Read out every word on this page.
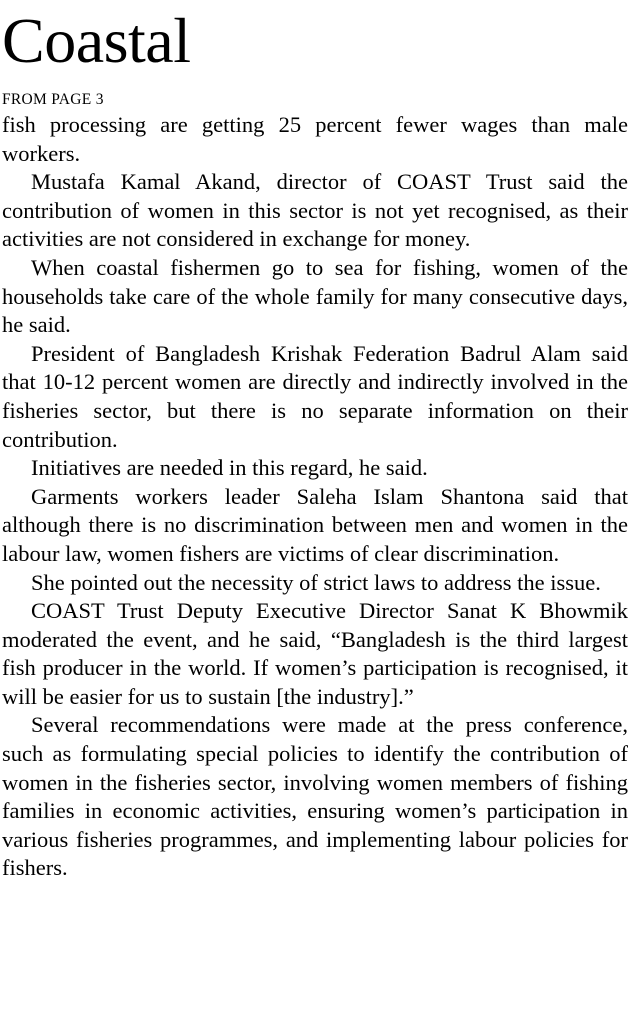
Coastal
FROM PAGE 3

fish processing are getting 25 percent fewer wages than male workers.

Mustafa Kamal Akand, director of COAST Trust said the contribution of women in this sector is not yet recognised, as their activities are not considered in exchange for money.

When coastal fishermen go to sea for fishing, women of the households take care of the whole family for many consecutive days, he said.

President of Bangladesh Krishak Federation Badrul Alam said that 10-12 percent women are directly and indirectly involved in the fisheries sector, but there is no separate information on their contribution.

Initiatives are needed in this regard, he said.

Garments workers leader Saleha Islam Shantona said that although there is no discrimination between men and women in the labour law, women fishers are victims of clear discrimination.

She pointed out the necessity of strict laws to address the issue.

COAST Trust Deputy Executive Director Sanat K Bhowmik moderated the event, and he said, “Bangladesh is the third largest fish producer in the world. If women’s participation is recognised, it will be easier for us to sustain [the industry].”

Several recommendations were made at the press conference, such as formulating special policies to identify the contribution of women in the fisheries sector, involving women members of fishing families in economic activities, ensuring women’s participation in various fisheries programmes, and implementing labour policies for fishers.
